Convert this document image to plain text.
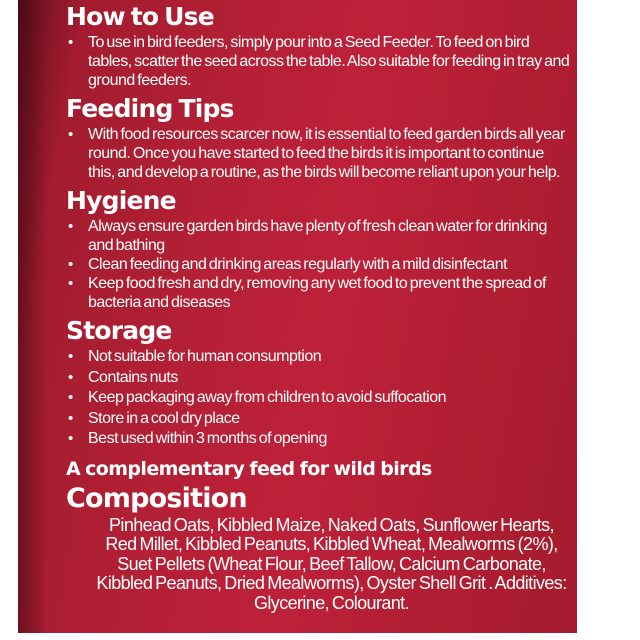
How to Use
• To use in bird feeders, simply pour into a Seed Feeder. To feed on bird tables, scatter the seed across the table. Also suitable for feeding in tray and ground feeders.
Feeding Tips
• With food resources scarcer now, it is essential to feed garden birds all year round. Once you have started to feed the birds it is important to continue this, and develop a routine, as the birds will become reliant upon your help.
Hygiene
• Always ensure garden birds have plenty of fresh clean water for drinking and bathing
• Clean feeding and drinking areas regularly with a mild disinfectant
• Keep food fresh and dry, removing any wet food to prevent the spread of bacteria and diseases
Storage
• Not suitable for human consumption
• Contains nuts
• Keep packaging away from children to avoid suffocation
• Store in a cool dry place
• Best used within 3 months of opening

A complementary feed for wild birds

Composition

Pinhead Oats, Kibbled Maize, Naked Oats, Sunflower Hearts, Red Millet, Kibbled Peanuts, Kibbled Wheat, Mealworms (2%), Suet Pellets (Wheat Flour, Beef Tallow, Calcium Carbonate, Kibbled Peanuts, Dried Mealworms), Oyster Shell Grit . Additives: Glycerine, Colourant.
